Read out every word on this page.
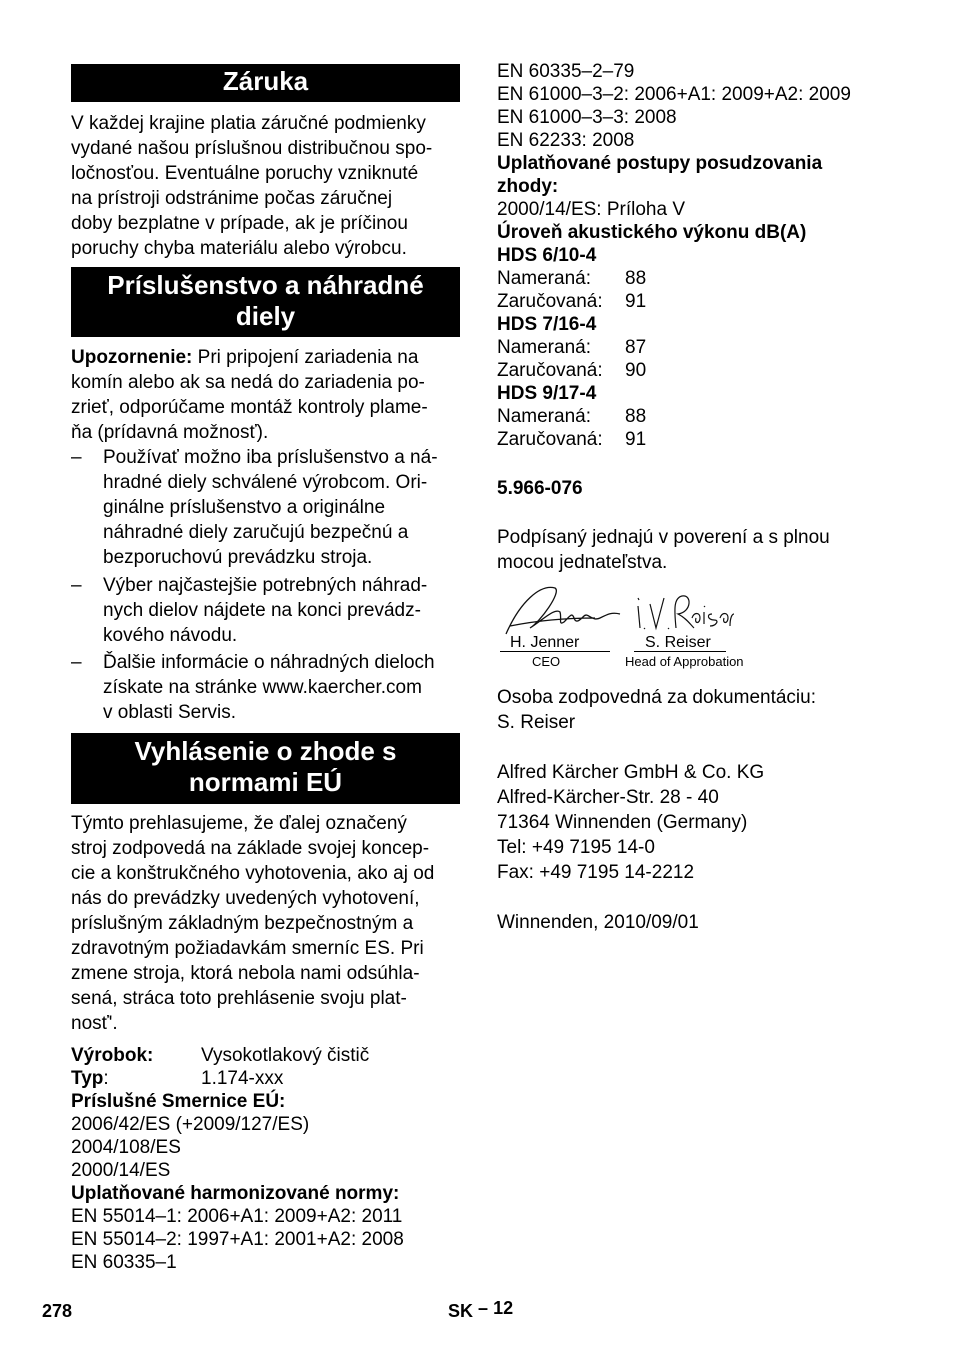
Záruka
V každej krajine platia záručné podmienky
vydané našou príslušnou distribučnou spo-
ločnosťou. Eventuálne poruchy vzniknuté
na prístroji odstránime počas záručnej
doby bezplatne v prípade, ak je príčinou
poruchy chyba materiálu alebo výrobcu.
Príslušenstvo a náhradné
diely
Upozornenie: Pri pripojení zariadenia na
komín alebo ak sa nedá do zariadenia po-
zrieť, odporúčame montáž kontroly plame-
ňa (prídavná možnosť).
– Používať možno iba príslušenstvo a ná-
hradné diely schválené výrobcom. Ori-
ginálne príslušenstvo a originálne
náhradné diely zaručujú bezpečnú a
bezporuchovú prevádzku stroja.
– Výber najčastejšie potrebných náhrad-
nych dielov nájdete na konci prevádz-
kového návodu.
– Ďalšie informácie o náhradných dieloch
získate na stránke www.kaercher.com
v oblasti Servis.
Vyhlásenie o zhode s
normami EÚ
Týmto prehlasujeme, že ďalej označený
stroj zodpovedá na základe svojej koncep-
cie a konštrukčného vyhotovenia, ako aj od
nás do prevádzky uvedených vyhotovení,
príslušným základným bezpečnostným a
zdravotným požiadavkám smerníc ES. Pri
zmene stroja, ktorá nebola nami odsúhla-
sená, stráca toto prehlásenie svoju plat-
nosť'.
Výrobok:	Vysokotlakový čistič
Typ:	1.174-xxx
Príslušné Smernice EÚ:
2006/42/ES (+2009/127/ES)
2004/108/ES
2000/14/ES
Uplatňované harmonizované normy:
EN 55014–1: 2006+A1: 2009+A2: 2011
EN 55014–2: 1997+A1: 2001+A2: 2008
EN 60335–1
EN 60335–2–79
EN 61000–3–2: 2006+A1: 2009+A2: 2009
EN 61000–3–3: 2008
EN 62233: 2008
Uplatňované postupy posudzovania
zhody:
2000/14/ES: Príloha V
Úroveň akustického výkonu dB(A)
HDS 6/10-4
Nameraná: 88
Zaručovaná: 91
HDS 7/16-4
Nameraná: 87
Zaručovaná: 90
HDS 9/17-4
Nameraná: 88
Zaručovaná: 91
5.966-076
Podpísaný jednajú v poverení a s plnou
mocou jednateľstva.
H. Jenner	S. Reiser
CEO	Head of Approbation
Osoba zodpovedná za dokumentáciu:
S. Reiser
Alfred Kärcher GmbH & Co. KG
Alfred-Kärcher-Str. 28 - 40
71364 Winnenden (Germany)
Tel: +49 7195 14-0
Fax: +49 7195 14-2212
Winnenden, 2010/09/01
278	SK – 12
